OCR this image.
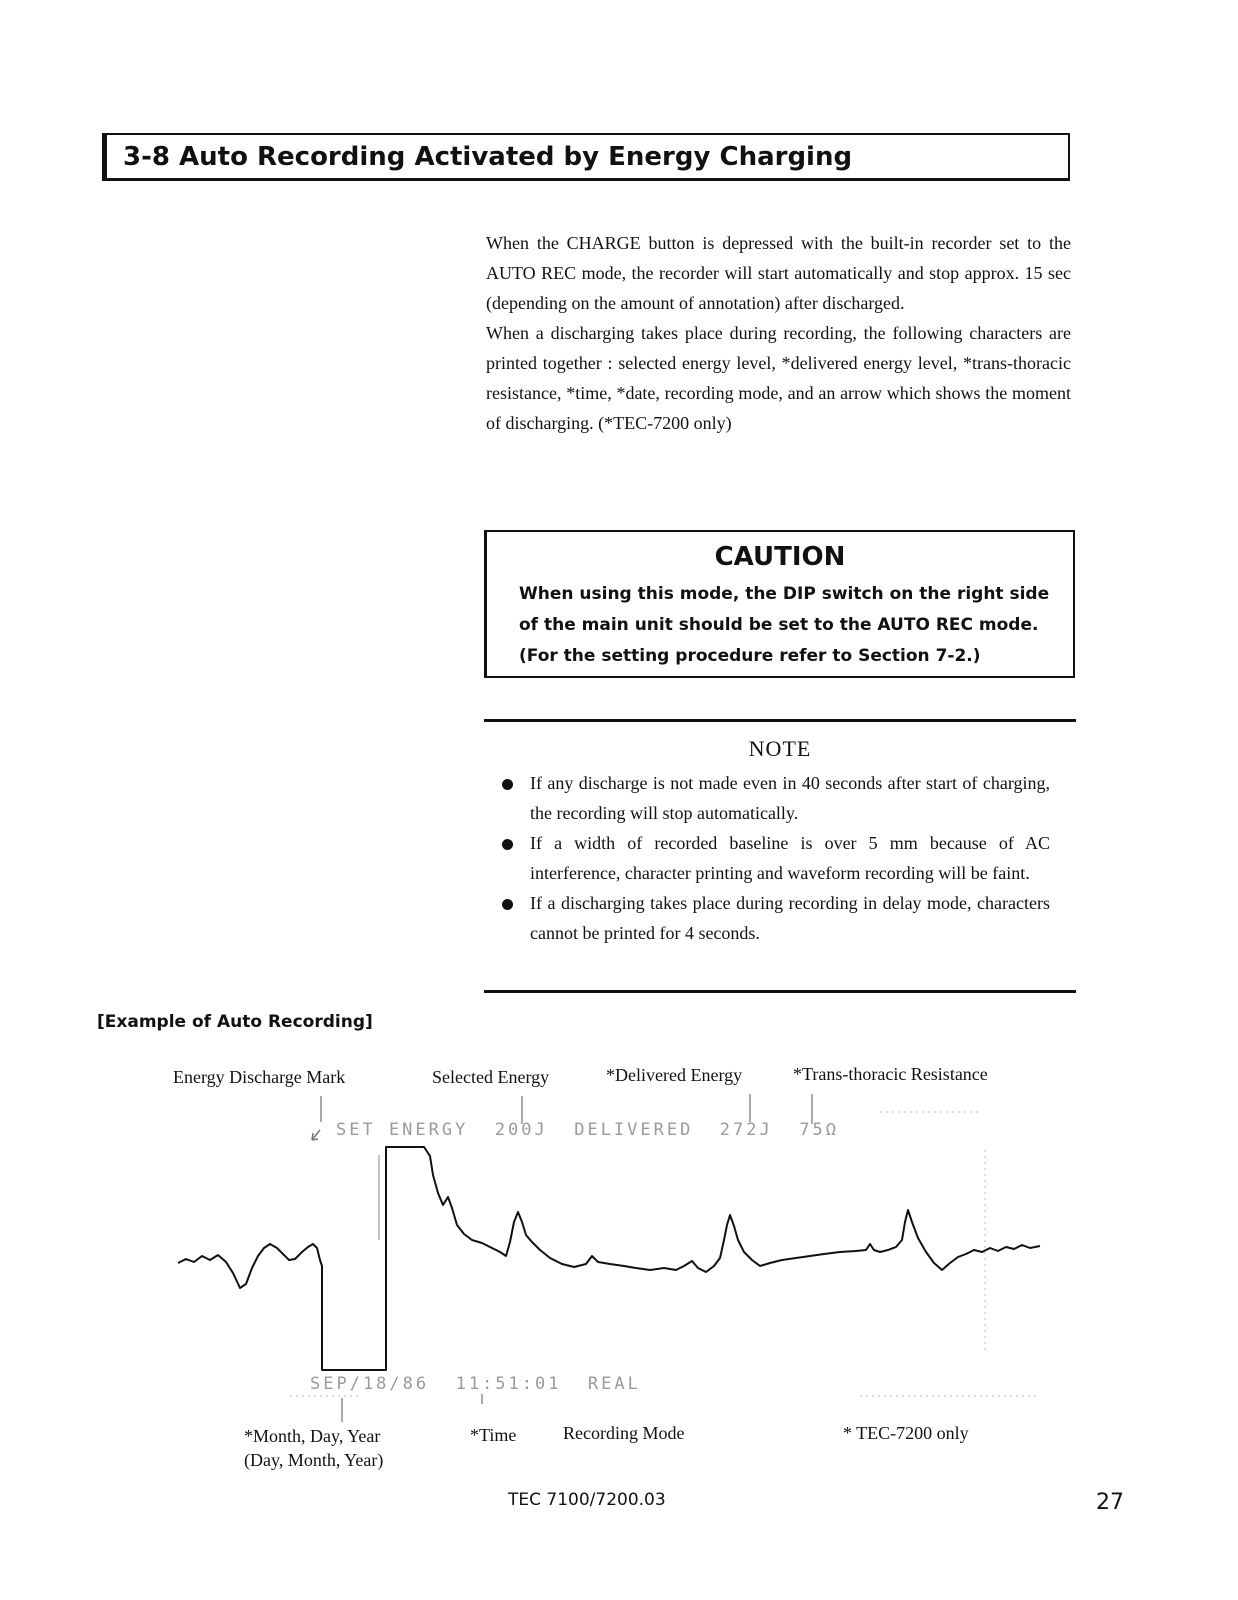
3-8 Auto Recording Activated by Energy Charging

When the CHARGE button is depressed with the built-in recorder set to the AUTO REC mode, the recorder will start automatically and stop approx. 15 sec (depending on the amount of annotation) after discharged.

When a discharging takes place during recording, the following characters are printed together : selected energy level, *delivered energy level, *trans-thoracic resistance, *time, *date, recording mode, and an arrow which shows the moment of discharging. (*TEC-7200 only)

CAUTION

When using this mode, the DIP switch on the right side

of the main unit should be set to the AUTO REC mode.

(For the setting procedure refer to Section 7-2.)

NOTE
If any discharge is not made even in 40 seconds after start of charging, the recording will stop automatically.
If a width of recorded baseline is over 5 mm because of AC interference, character printing and waveform recording will be faint.
If a discharging takes place during recording in delay mode, characters cannot be printed for 4 seconds.
[Example of Auto Recording]
Energy Discharge Mark	Selected Energy	*Delivered Energy	*Trans-thoracic Resistance
SET ENERGY  200J  DELIVERED  272J  75Ω
SEP/18/86  11:51:01  REAL
*Month, Day, Year
(Day, Month, Year)
*Time	Recording Mode	* TEC-7200 only
TEC 7100/7200.03	27
